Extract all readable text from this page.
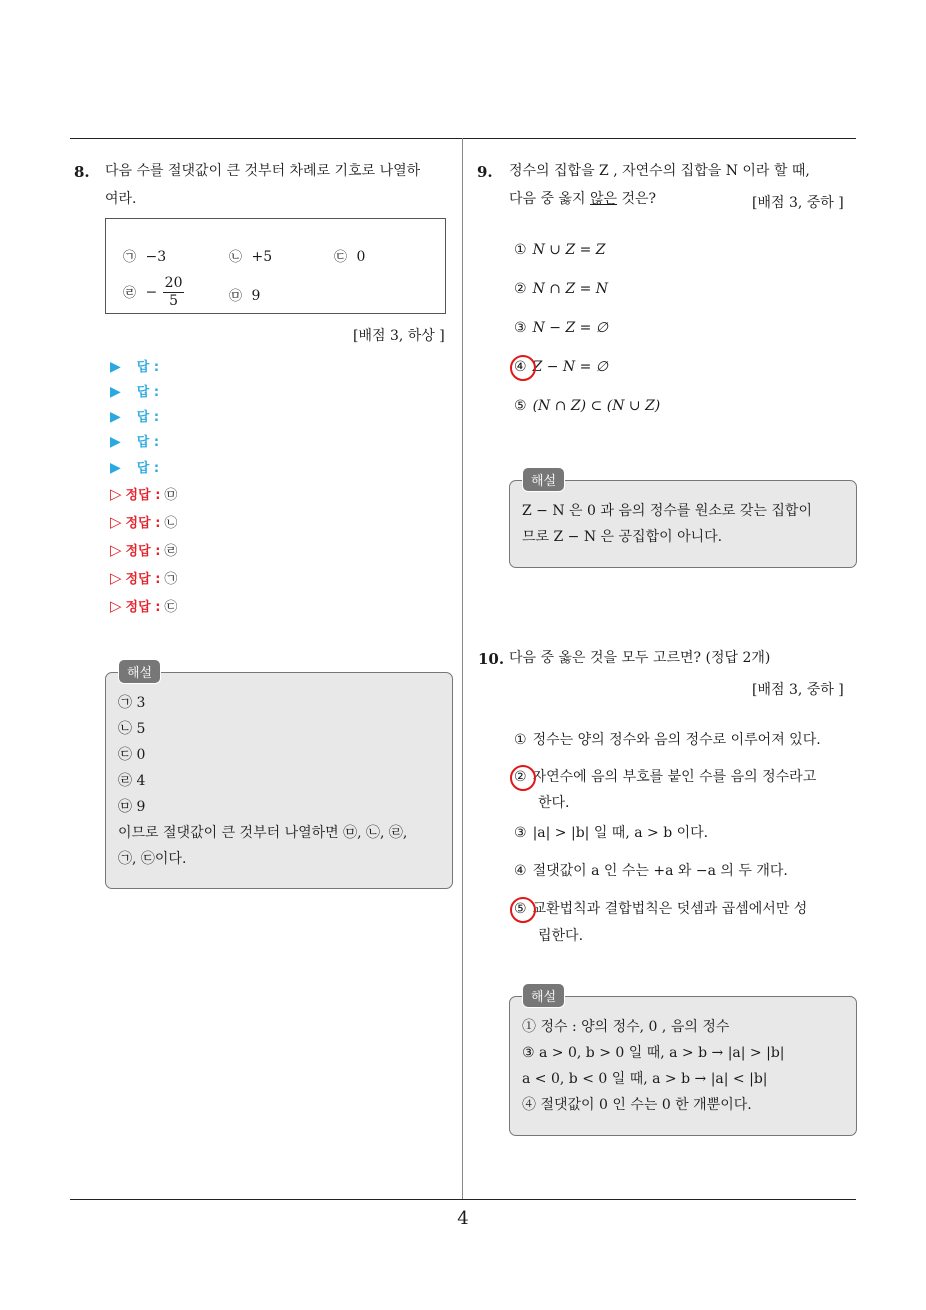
4
8. 다음 수를 절댓값이 큰 것부터 차례로 기호로 나열하
여라.
㉠ −3	㉡ +5	㉢ 0
㉣ − $\frac{20}{5}$	㉤ 9
[배점 3, 하상 ]
▶ 답 :
▶ 답 :
▶ 답 :
▶ 답 :
▶ 답 :
▷ 정답 : ㉤
▷ 정답 : ㉡
▷ 정답 : ㉣
▷ 정답 : ㉠
▷ 정답 : ㉢
㉠ 3
㉡ 5
㉢ 0
㉣ 4
㉤ 9
이므로 절댓값이 큰 것부터 나열하면 ㉤, ㉡, ㉣,
㉠, ㉢이다.
해설
9. 정수의 집합을 Z , 자연수의 집합을 N 이라 할 때,
다음 중 옳지 않은 것은?	[배점 3, 중하 ]
① N ∪ Z = Z
② N ∩ Z = N
③ N − Z = ∅
④ Z − N = ∅
⑤ (N ∩ Z) ⊂ (N ∪ Z)
Z − N 은 0 과 음의 정수를 원소로 갖는 집합이
므로 Z − N 은 공집합이 아니다.
해설
10. 다음 중 옳은 것을 모두 고르면? (정답 2개)
[배점 3, 중하 ]
① 정수는 양의 정수와 음의 정수로 이루어져 있다.
② 자연수에 음의 부호를 붙인 수를 음의 정수라고
한다.
③ |a| > |b| 일 때, a > b 이다.
④ 절댓값이 a 인 수는 +a 와 −a 의 두 개다.
⑤ 교환법칙과 결합법칙은 덧셈과 곱셈에서만 성
립한다.
① 정수 : 양의 정수, 0 , 음의 정수
③ a > 0, b > 0 일 때, a > b → |a| > |b|
a < 0, b < 0 일 때, a > b → |a| < |b|
④ 절댓값이 0 인 수는 0 한 개뿐이다.
해설
